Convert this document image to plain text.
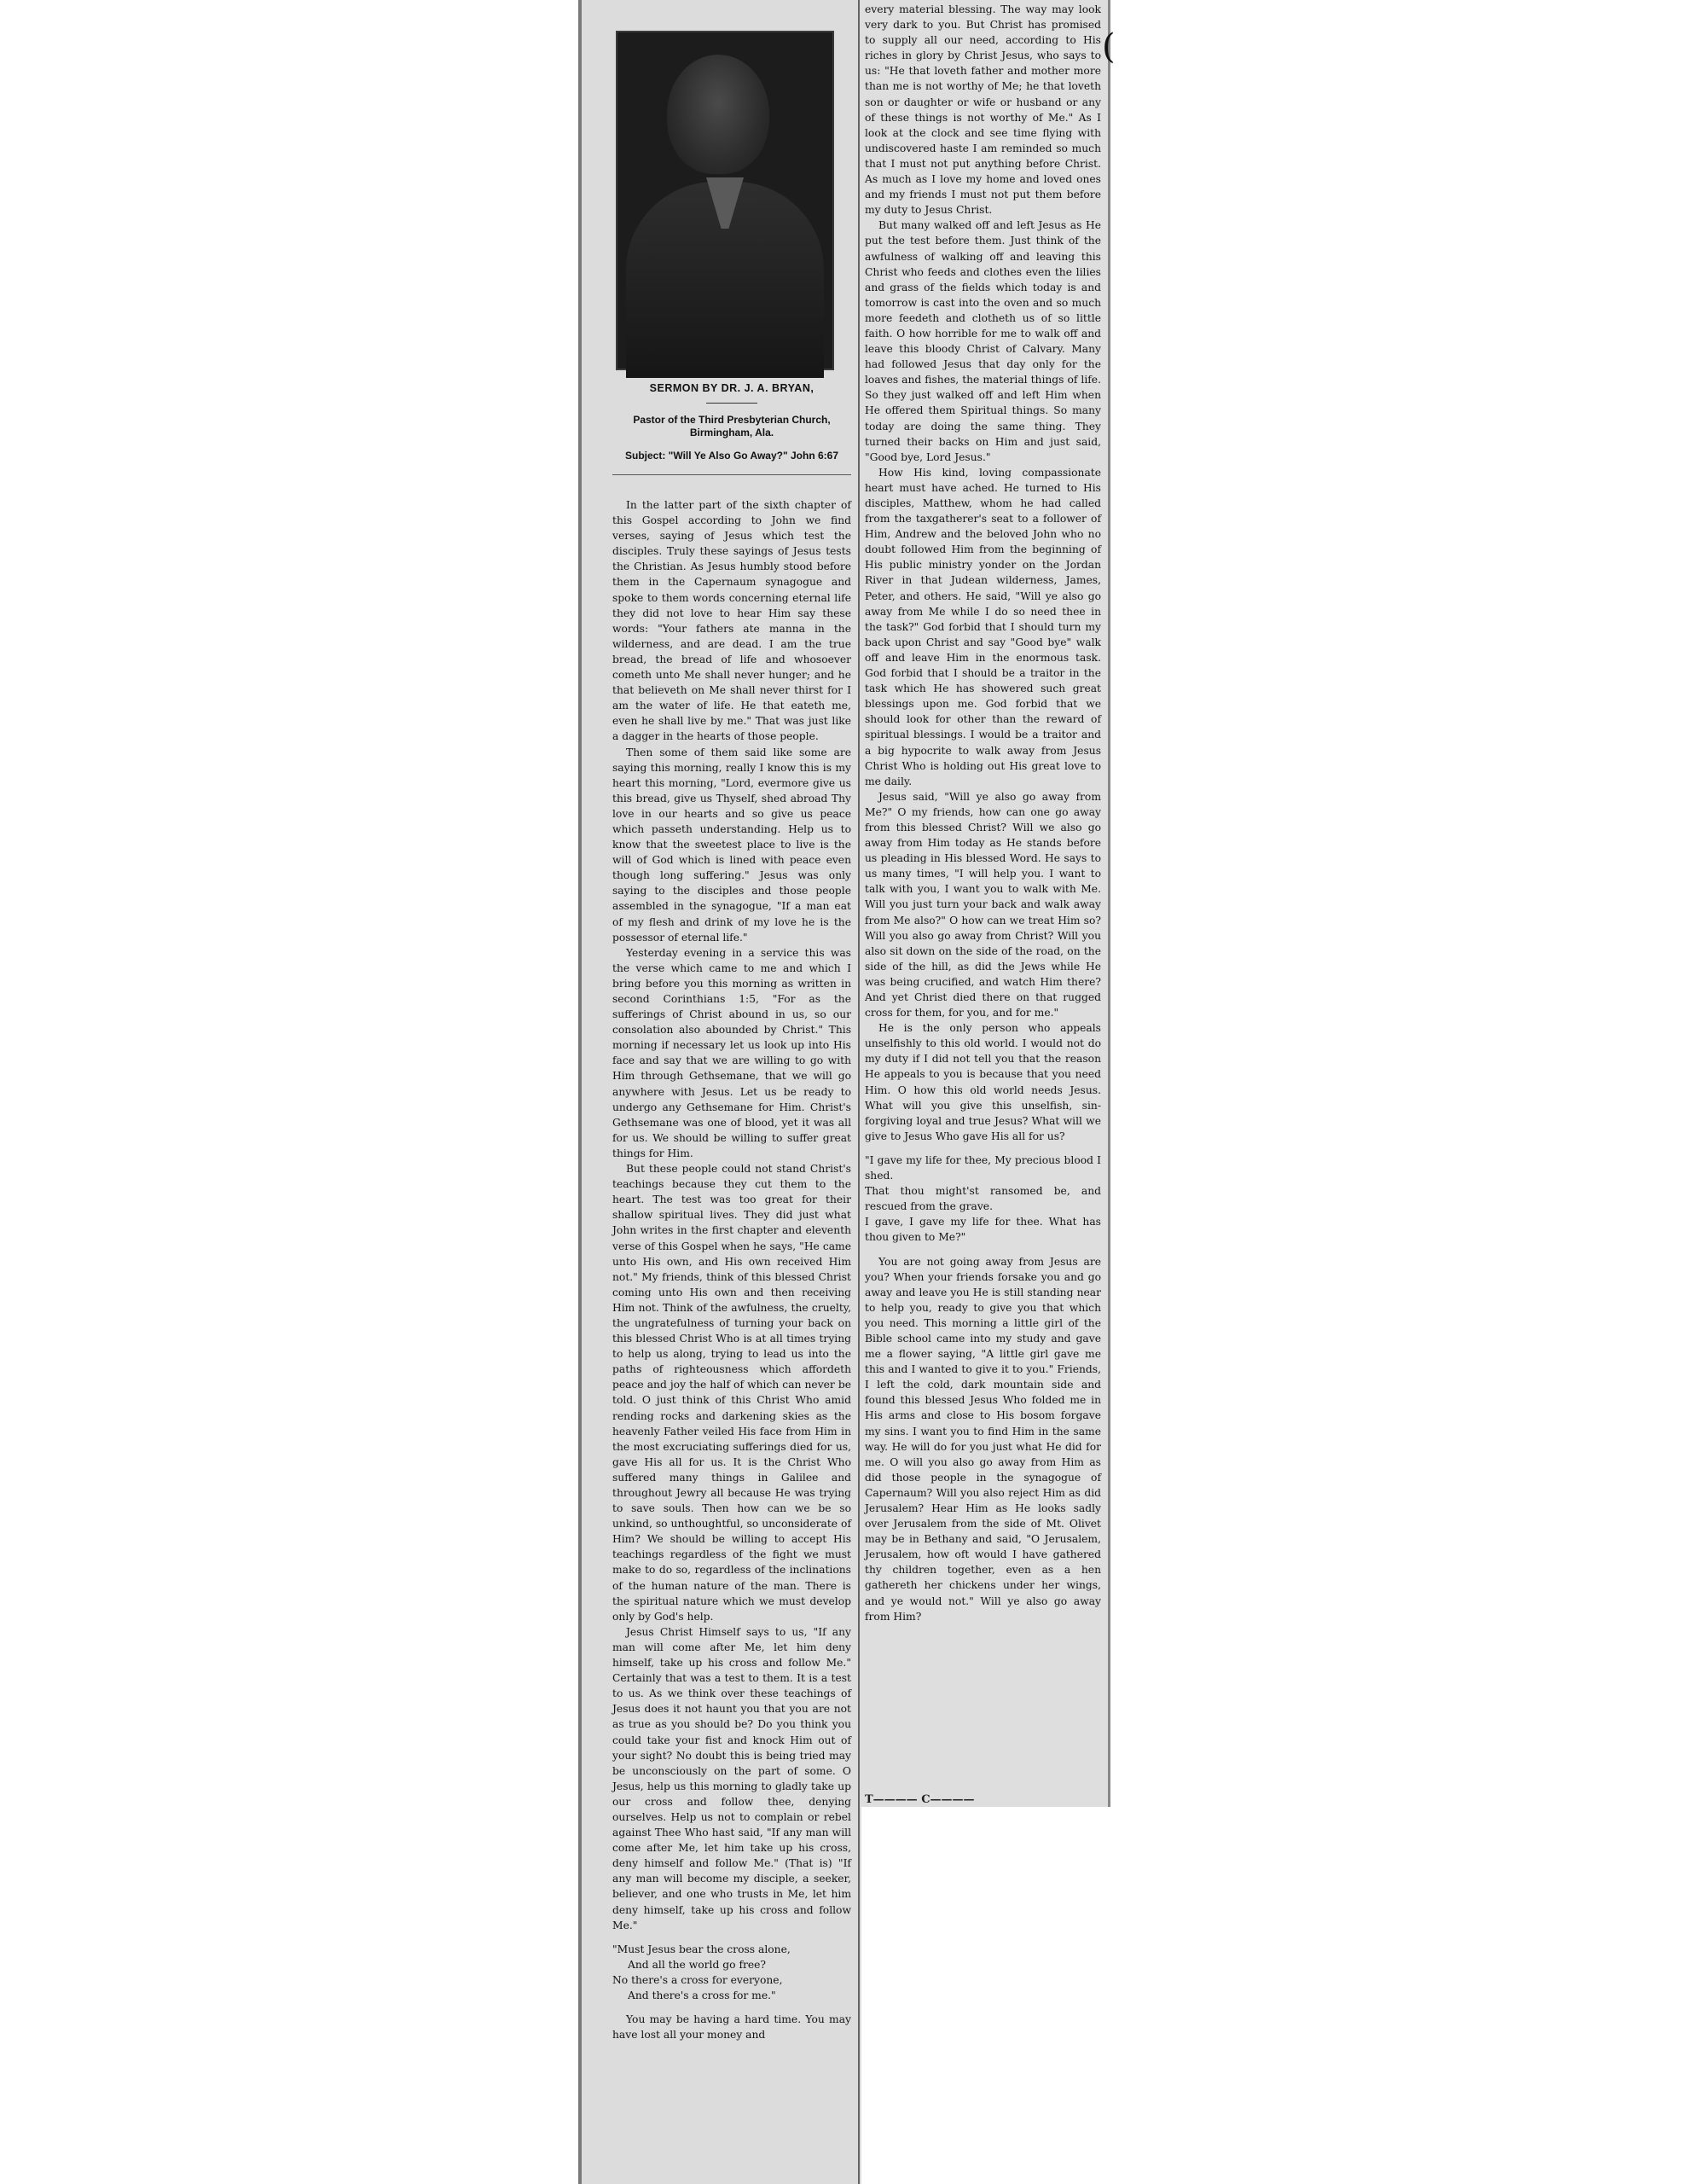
SERMON BY DR. J. A. BRYAN,
Pastor of the Third Presbyterian Church, Birmingham, Ala.
Subject: "Will Ye Also Go Away?" John 6:67

In the latter part of the sixth chapter of this Gospel according to John we find verses, saying of Jesus which test the disciples. Truly these sayings of Jesus tests the Christian. As Jesus humbly stood before them in the Capernaum synagogue and spoke to them words concerning eternal life they did not love to hear Him say these words: "Your fathers ate manna in the wilderness, and are dead. I am the true bread, the bread of life and whosoever cometh unto Me shall never hunger; and he that believeth on Me shall never thirst for I am the water of life. He that eateth me, even he shall live by me." That was just like a dagger in the hearts of those people.

Then some of them said like some are saying this morning, really I know this is my heart this morning, "Lord, evermore give us this bread, give us Thyself, shed abroad Thy love in our hearts and so give us peace which passeth understanding. Help us to know that the sweetest place to live is the will of God which is lined with peace even though long suffering." Jesus was only saying to the disciples and those people assembled in the synagogue, "If a man eat of my flesh and drink of my love he is the possessor of eternal life."

Yesterday evening in a service this was the verse which came to me and which I bring before you this morning as written in second Corinthians 1:5, "For as the sufferings of Christ abound in us, so our consolation also abounded by Christ." This morning if necessary let us look up into His face and say that we are willing to go with Him through Gethsemane, that we will go anywhere with Jesus. Let us be ready to undergo any Gethsemane for Him. Christ's Gethsemane was one of blood, yet it was all for us. We should be willing to suffer great things for Him.

But these people could not stand Christ's teachings because they cut them to the heart. The test was too great for their shallow spiritual lives. They did just what John writes in the first chapter and eleventh verse of this Gospel when he says, "He came unto His own, and His own received Him not." My friends, think of this blessed Christ coming unto His own and then receiving Him not. Think of the awfulness, the cruelty, the ungratefulness of turning your back on this blessed Christ Who is at all times trying to help us along, trying to lead us into the paths of righteousness which affordeth peace and joy the half of which can never be told. O just think of this Christ Who amid rending rocks and darkening skies as the heavenly Father veiled His face from Him in the most excruciating sufferings died for us, gave His all for us. It is the Christ Who suffered many things in Galilee and throughout Jewry all because He was trying to save souls. Then how can we be so unkind, so unthoughtful, so unconsiderate of Him? We should be willing to accept His teachings regardless of the fight we must make to do so, regardless of the inclinations of the human nature of the man. There is the spiritual nature which we must develop only by God's help.

Jesus Christ Himself says to us, "If any man will come after Me, let him deny himself, take up his cross and follow Me." Certainly that was a test to them. It is a test to us. As we think over these teachings of Jesus does it not haunt you that you are not as true as you should be? Do you think you could take your fist and knock Him out of your sight? No doubt this is being tried may be unconsciously on the part of some. O Jesus, help us this morning to gladly take up our cross and follow thee, denying ourselves. Help us not to complain or rebel against Thee Who hast said, "If any man will come after Me, let him take up his cross, deny himself and follow Me." (That is) "If any man will become my disciple, a seeker, believer, and one who trusts in Me, let him deny himself, take up his cross and follow Me."

"Must Jesus bear the cross alone,
And all the world go free?
No there's a cross for everyone,
And there's a cross for me."

You may be having a hard time. You may have lost all your money and

every material blessing. The way may look very dark to you. But Christ has promised to supply all our need, according to His riches in glory by Christ Jesus, who says to us: "He that loveth father and mother more than me is not worthy of Me; he that loveth son or daughter or wife or husband or any of these things is not worthy of Me." As I look at the clock and see time flying with undiscovered haste I am reminded so much that I must not put anything before Christ. As much as I love my home and loved ones and my friends I must not put them before my duty to Jesus Christ.

But many walked off and left Jesus as He put the test before them. Just think of the awfulness of walking off and leaving this Christ who feeds and clothes even the lilies and grass of the fields which today is and tomorrow is cast into the oven and so much more feedeth and clotheth us of so little faith. O how horrible for me to walk off and leave this bloody Christ of Calvary. Many had followed Jesus that day only for the loaves and fishes, the material things of life. So they just walked off and left Him when He offered them Spiritual things. So many today are doing the same thing. They turned their backs on Him and just said, "Good bye, Lord Jesus."

How His kind, loving compassionate heart must have ached. He turned to His disciples, Matthew, whom he had called from the taxgatherer's seat to a follower of Him, Andrew and the beloved John who no doubt followed Him from the beginning of His public ministry yonder on the Jordan River in that Judean wilderness, James, Peter, and others. He said, "Will ye also go away from Me while I do so need thee in the task?" God forbid that I should turn my back upon Christ and say "Good bye" walk off and leave Him in the enormous task. God forbid that I should be a traitor in the task which He has showered such great blessings upon me. God forbid that we should look for other than the reward of spiritual blessings. I would be a traitor and a big hypocrite to walk away from Jesus Christ Who is holding out His great love to me daily.

Jesus said, "Will ye also go away from Me?" O my friends, how can one go away from this blessed Christ? Will we also go away from Him today as He stands before us pleading in His blessed Word. He says to us many times, "I will help you. I want to talk with you, I want you to walk with Me. Will you just turn your back and walk away from Me also?" O how can we treat Him so? Will you also go away from Christ? Will you also sit down on the side of the road, on the side of the hill, as did the Jews while He was being crucified, and watch Him there? And yet Christ died there on that rugged cross for them, for you, and for me."

He is the only person who appeals unselfishly to this old world. I would not do my duty if I did not tell you that the reason He appeals to you is because that you need Him. O how this old world needs Jesus. What will you give this unselfish, sin-forgiving loyal and true Jesus? What will we give to Jesus Who gave His all for us?

"I gave my life for thee, My precious blood I shed.
That thou might'st ransomed be, and rescued from the grave.
I gave, I gave my life for thee. What has thou given to Me?"

You are not going away from Jesus are you? When your friends forsake you and go away and leave you He is still standing near to help you, ready to give you that which you need. This morning a little girl of the Bible school came into my study and gave me a flower saying, "A little girl gave me this and I wanted to give it to you." Friends, I left the cold, dark mountain side and found this blessed Jesus Who folded me in His arms and close to His bosom forgave my sins. I want you to find Him in the same way. He will do for you just what He did for me. O will you also go away from Him as did those people in the synagogue of Capernaum? Will you also reject Him as did Jerusalem? Hear Him as He looks sadly over Jerusalem from the side of Mt. Olivet may be in Bethany and said, "O Jerusalem, Jerusalem, how oft would I have gathered thy children together, even as a hen gathereth her chickens under her wings, and ye would not." Will ye also go away from Him?

T———— C————
(
